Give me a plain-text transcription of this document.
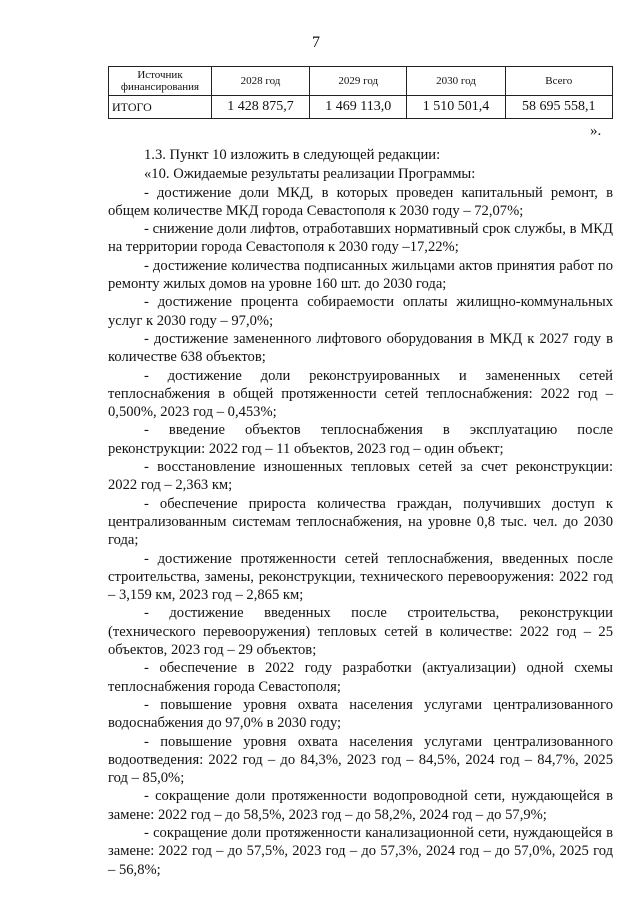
7
Источник финансирования	2028 год	2029 год	2030 год	Всего
ИТОГО	1 428 875,7	1 469 113,0	1 510 501,4	58 695 558,1
».

1.3. Пункт 10 изложить в следующей редакции:

«10. Ожидаемые результаты реализации Программы:

- достижение доли МКД, в которых проведен капитальный ремонт, в общем количестве МКД города Севастополя к 2030 году – 72,07%;

- снижение доли лифтов, отработавших нормативный срок службы, в МКД на территории города Севастополя к 2030 году –17,22%;

- достижение количества подписанных жильцами актов принятия работ по ремонту жилых домов на уровне 160 шт. до 2030 года;

- достижение процента собираемости оплаты жилищно-коммунальных услуг к 2030 году – 97,0%;

- достижение замененного лифтового оборудования в МКД к 2027 году в количестве 638 объектов;

- достижение доли реконструированных и замененных сетей теплоснабжения в общей протяженности сетей теплоснабжения: 2022 год – 0,500%, 2023 год – 0,453%;

- введение объектов теплоснабжения в эксплуатацию после реконструкции: 2022 год – 11 объектов, 2023 год – один объект;

- восстановление изношенных тепловых сетей за счет реконструкции: 2022 год – 2,363 км;

- обеспечение прироста количества граждан, получивших доступ к централизованным системам теплоснабжения, на уровне 0,8 тыс. чел. до 2030 года;

- достижение протяженности сетей теплоснабжения, введенных после строительства, замены, реконструкции, технического перевооружения: 2022 год – 3,159 км, 2023 год – 2,865 км;

- достижение введенных после строительства, реконструкции (технического перевооружения) тепловых сетей в количестве: 2022 год – 25 объектов, 2023 год – 29 объектов;

- обеспечение в 2022 году разработки (актуализации) одной схемы теплоснабжения города Севастополя;

- повышение уровня охвата населения услугами централизованного водоснабжения до 97,0% в 2030 году;

- повышение уровня охвата населения услугами централизованного водоотведения: 2022 год – до 84,3%, 2023 год – 84,5%, 2024 год – 84,7%, 2025 год – 85,0%;

- сокращение доли протяженности водопроводной сети, нуждающейся в замене: 2022 год – до 58,5%, 2023 год – до 58,2%, 2024 год – до 57,9%;

- сокращение доли протяженности канализационной сети, нуждающейся в замене: 2022 год – до 57,5%, 2023 год – до 57,3%, 2024 год – до 57,0%, 2025 год – 56,8%;
